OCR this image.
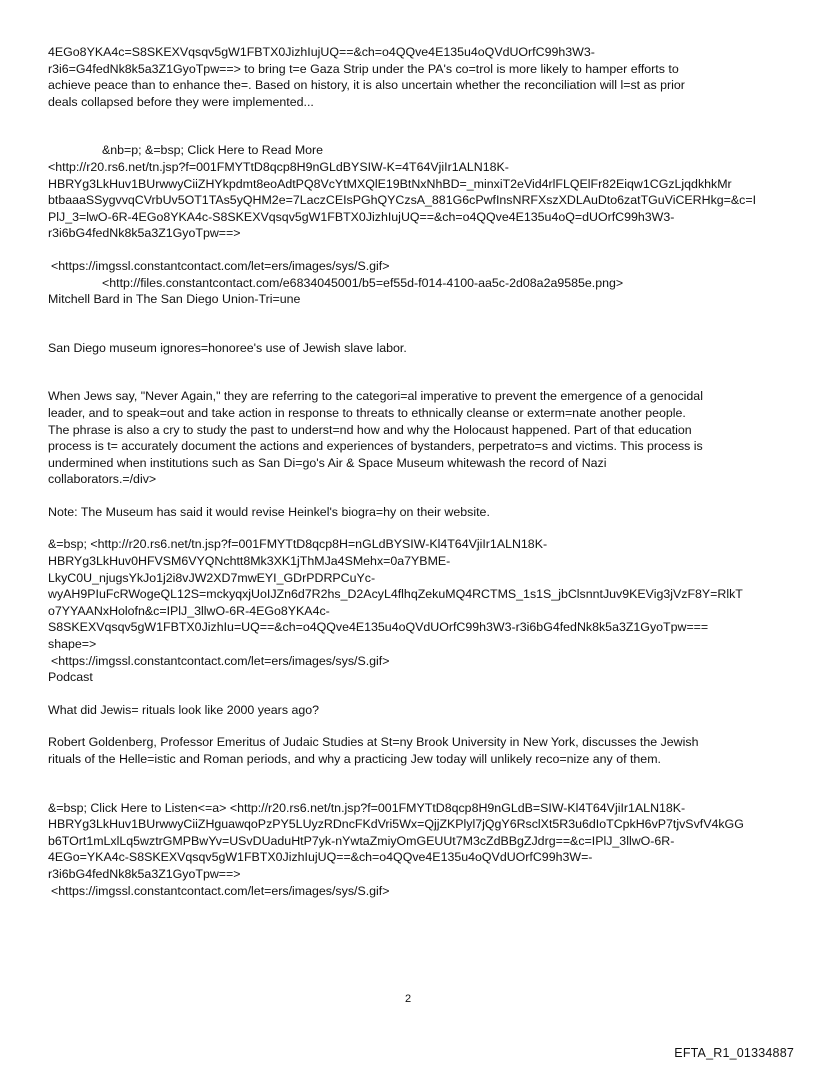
4EGo8YKA4c=S8SKEXVqsqv5gW1FBTX0JizhIujUQ==&ch=o4QQve4E135u4oQVdUOrfC99h3W3-

r3i6=G4fedNk8k5a3Z1GyoTpw==> to bring t=e Gaza Strip under the PA's co=trol is more likely to hamper efforts to

achieve peace than to enhance the=. Based on history, it is also uncertain whether the reconciliation will l=st as prior

deals collapsed before they were implemented...

&nb=p; &=bsp; Click Here to Read More

<http://r20.rs6.net/tn.jsp?f=001FMYTtD8qcp8H9nGLdBYSIW-K=4T64VjiIr1ALN18K-

HBRYg3LkHuv1BUrwwyCiiZHYkpdmt8eoAdtPQ8VcYtMXQlE19BtNxNhBD=_minxiT2eVid4rlFLQElFr82Eiqw1CGzLjqdkhkMr

btbaaaSSygvvqCVrbUv5OT1TAs5yQHM2e=7LaczCEIsPGhQYCzsA_881G6cPwfInsNRFXszXDLAuDto6zatTGuViCERHkg=&c=I

PlJ_3=lwO-6R-4EGo8YKA4c-S8SKEXVqsqv5gW1FBTX0JizhIujUQ==&ch=o4QQve4E135u4oQ=dUOrfC99h3W3-

r3i6bG4fedNk8k5a3Z1GyoTpw==>

<https://imgssl.constantcontact.com/let=ers/images/sys/S.gif>

<http://files.constantcontact.com/e6834045001/b5=ef55d-f014-4100-aa5c-2d08a2a9585e.png>

Mitchell Bard in The San Diego Union-Tri=une

San Diego museum ignores=honoree's use of Jewish slave labor.

When Jews say, "Never Again," they are referring to the categori=al imperative to prevent the emergence of a genocidal

leader, and to speak=out and take action in response to threats to ethnically cleanse or exterm=nate another people.

The phrase is also a cry to study the past to underst=nd how and why the Holocaust happened. Part of that education

process is t= accurately document the actions and experiences of bystanders, perpetrato=s and victims. This process is

undermined when institutions such as San Di=go's Air & Space Museum whitewash the record of Nazi

collaborators.=/div>

Note: The Museum has said it would revise Heinkel's biogra=hy on their website.

&=bsp; <http://r20.rs6.net/tn.jsp?f=001FMYTtD8qcp8H=nGLdBYSIW-Kl4T64VjiIr1ALN18K-

HBRYg3LkHuv0HFVSM6VYQNchtt8Mk3XK1jThMJa4SMehx=0a7YBME-

LkyC0U_njugsYkJo1j2i8vJW2XD7mwEYI_GDrPDRPCuYc-

wyAH9PIuFcRWogeQL12S=mckyqxjUoIJZn6d7R2hs_D2AcyL4flhqZekuMQ4RCTMS_1s1S_jbClsnntJuv9KEVig3jVzF8Y=RlkT

o7YYAANxHolofn&c=IPlJ_3llwO-6R-4EGo8YKA4c-

S8SKEXVqsqv5gW1FBTX0JizhIu=UQ==&ch=o4QQve4E135u4oQVdUOrfC99h3W3-r3i6bG4fedNk8k5a3Z1GyoTpw===

shape=>

<https://imgssl.constantcontact.com/let=ers/images/sys/S.gif>

Podcast

What did Jewis= rituals look like 2000 years ago?

Robert Goldenberg, Professor Emeritus of Judaic Studies at St=ny Brook University in New York, discusses the Jewish

rituals of the Helle=istic and Roman periods, and why a practicing Jew today will unlikely reco=nize any of them.

&=bsp; Click Here to Listen<=a> <http://r20.rs6.net/tn.jsp?f=001FMYTtD8qcp8H9nGLdB=SIW-Kl4T64VjiIr1ALN18K-

HBRYg3LkHuv1BUrwwyCiiZHguawqoPzPY5LUyzRDncFKdVri5Wx=QjjZKPlyl7jQgY6RsclXt5R3u6dIoTCpkH6vP7tjvSvfV4kGG

b6TOrt1mLxlLq5wztrGMPBwYv=USvDUaduHtP7yk-nYwtaZmiyOmGEUUt7M3cZdBBgZJdrg==&c=IPlJ_3llwO-6R-

4EGo=YKA4c-S8SKEXVqsqv5gW1FBTX0JizhIujUQ==&ch=o4QQve4E135u4oQVdUOrfC99h3W=-

r3i6bG4fedNk8k5a3Z1GyoTpw==>

<https://imgssl.constantcontact.com/let=ers/images/sys/S.gif>

2
EFTA_R1_01334887
